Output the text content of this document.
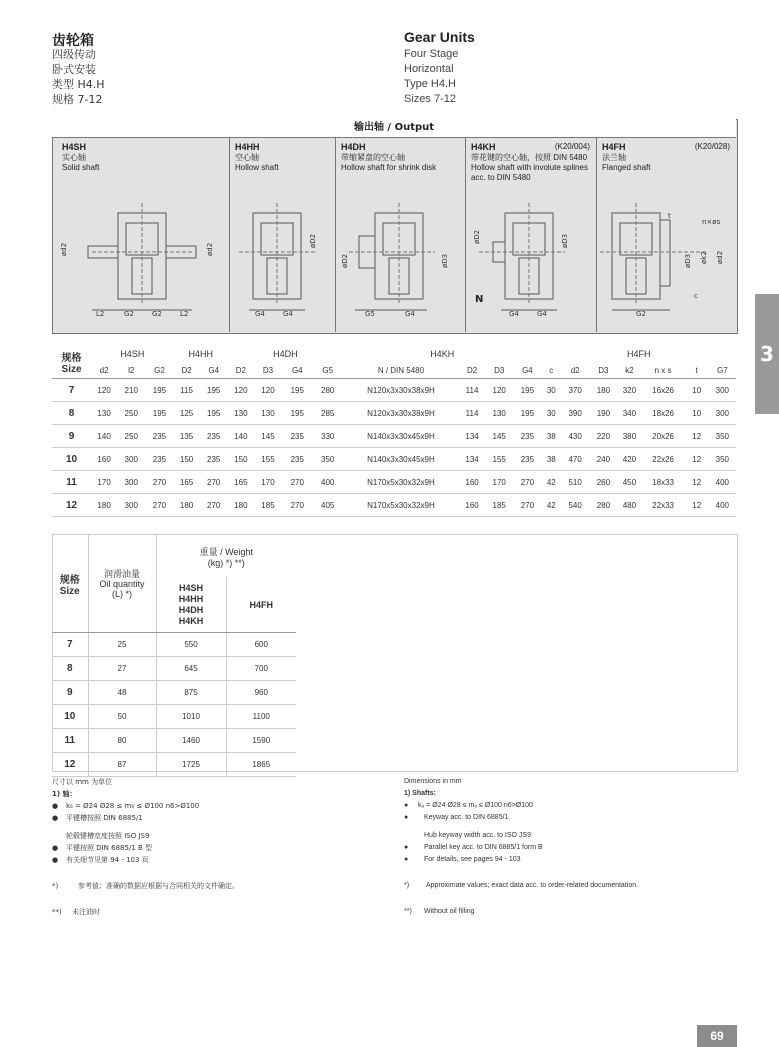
齿轮箱
四级传动
卧式安装
类型 H4.H
规格 7-12
Gear Units
Four Stage
Horizontal
Type H4.H
Sizes 7-12
3
输出轴 / Output
H4SH
实心轴
Solid shaft
L2	G2	G2	L2
ød2	ød2
H4HH
空心轴
Hollow shaft
G4	G4
øD2
H4DH
带缩紧盘的空心轴
Hollow shaft for shrink disk
G5	G4
øD2	øD3
H4KH	(K20/004)

带花键的空心轴，按照 DIN 5480
Hollow shaft with involute splines acc. to DIN 5480
G4	G4
øD2	øD3
N
H4FH	(K20/028)

法兰轴
Flanged shaft
G2
n×øs
øD3 øk2 ød2
c
t
规格
Size	H4SH			H4HH		H4DH				H4KH				H4FH						
	d2	l2	G2	D2	G4	D2	D3	G4	G5	N / DIN 5480	D2	D3	G4	c	d2	D3	k2	n x s	t	G7
7	120	210	195	115	195	120	120	195	280	N120x3x30x38x9H	114	120	195	30	370	180	320	16x26	10	300
8	130	250	195	125	195	130	130	195	285	N120x3x30x38x9H	114	130	195	30	390	190	340	18x26	10	300
9	140	250	235	135	235	140	145	235	330	N140x3x30x45x9H	134	145	235	38	430	220	380	20x26	12	350
10	160	300	235	150	235	150	155	235	350	N140x3x30x45x9H	134	155	235	38	470	240	420	22x26	12	350
11	170	300	270	165	270	165	170	270	400	N170x5x30x32x9H	160	170	270	42	510	260	450	18x33	12	400
12	180	300	270	180	270	180	185	270	405	N170x5x30x32x9H	160	185	270	42	540	280	480	22x33	12	400
规格
Size	润滑油量
Oil quantity
(L) *)	重量 / Weight
(kg) *) **)	
		H4SH
H4HH
H4DH
H4KH	H4FH
7	25	550	600
8	27	645	700
9	48	875	960
10	50	1010	1100
11	80	1460	1590
12	87	1725	1865
尺寸以 mm 为单位
1) 轴：
● k₆ = Ø24 Ø28 ≤ m₆ ≤ Ø100 n6>Ø100
● 平键槽按照 DIN 6885/1
轮毂键槽宽度按照 ISO JS9
● 平键按照 DIN 6885/1 B 型
● 有关细节见第 94 - 103 页
*)	参考值；准确的数据应根据与合同相关的文件确定。
**) 未注油时
Dimensions in mm
1) Shafts:
● k₆ = Ø24 Ø28 ≤ m₆ ≤ Ø100 n6>Ø100
● Keyway acc. to DIN 6885/1
Hub keyway width acc. to ISO JS9
● Parallel key acc. to DIN 6885/1 form B
● For details, see pages 94 - 103
*) Approximate values; exact data acc. to order-related documentation.
**) Without oil filling
69
